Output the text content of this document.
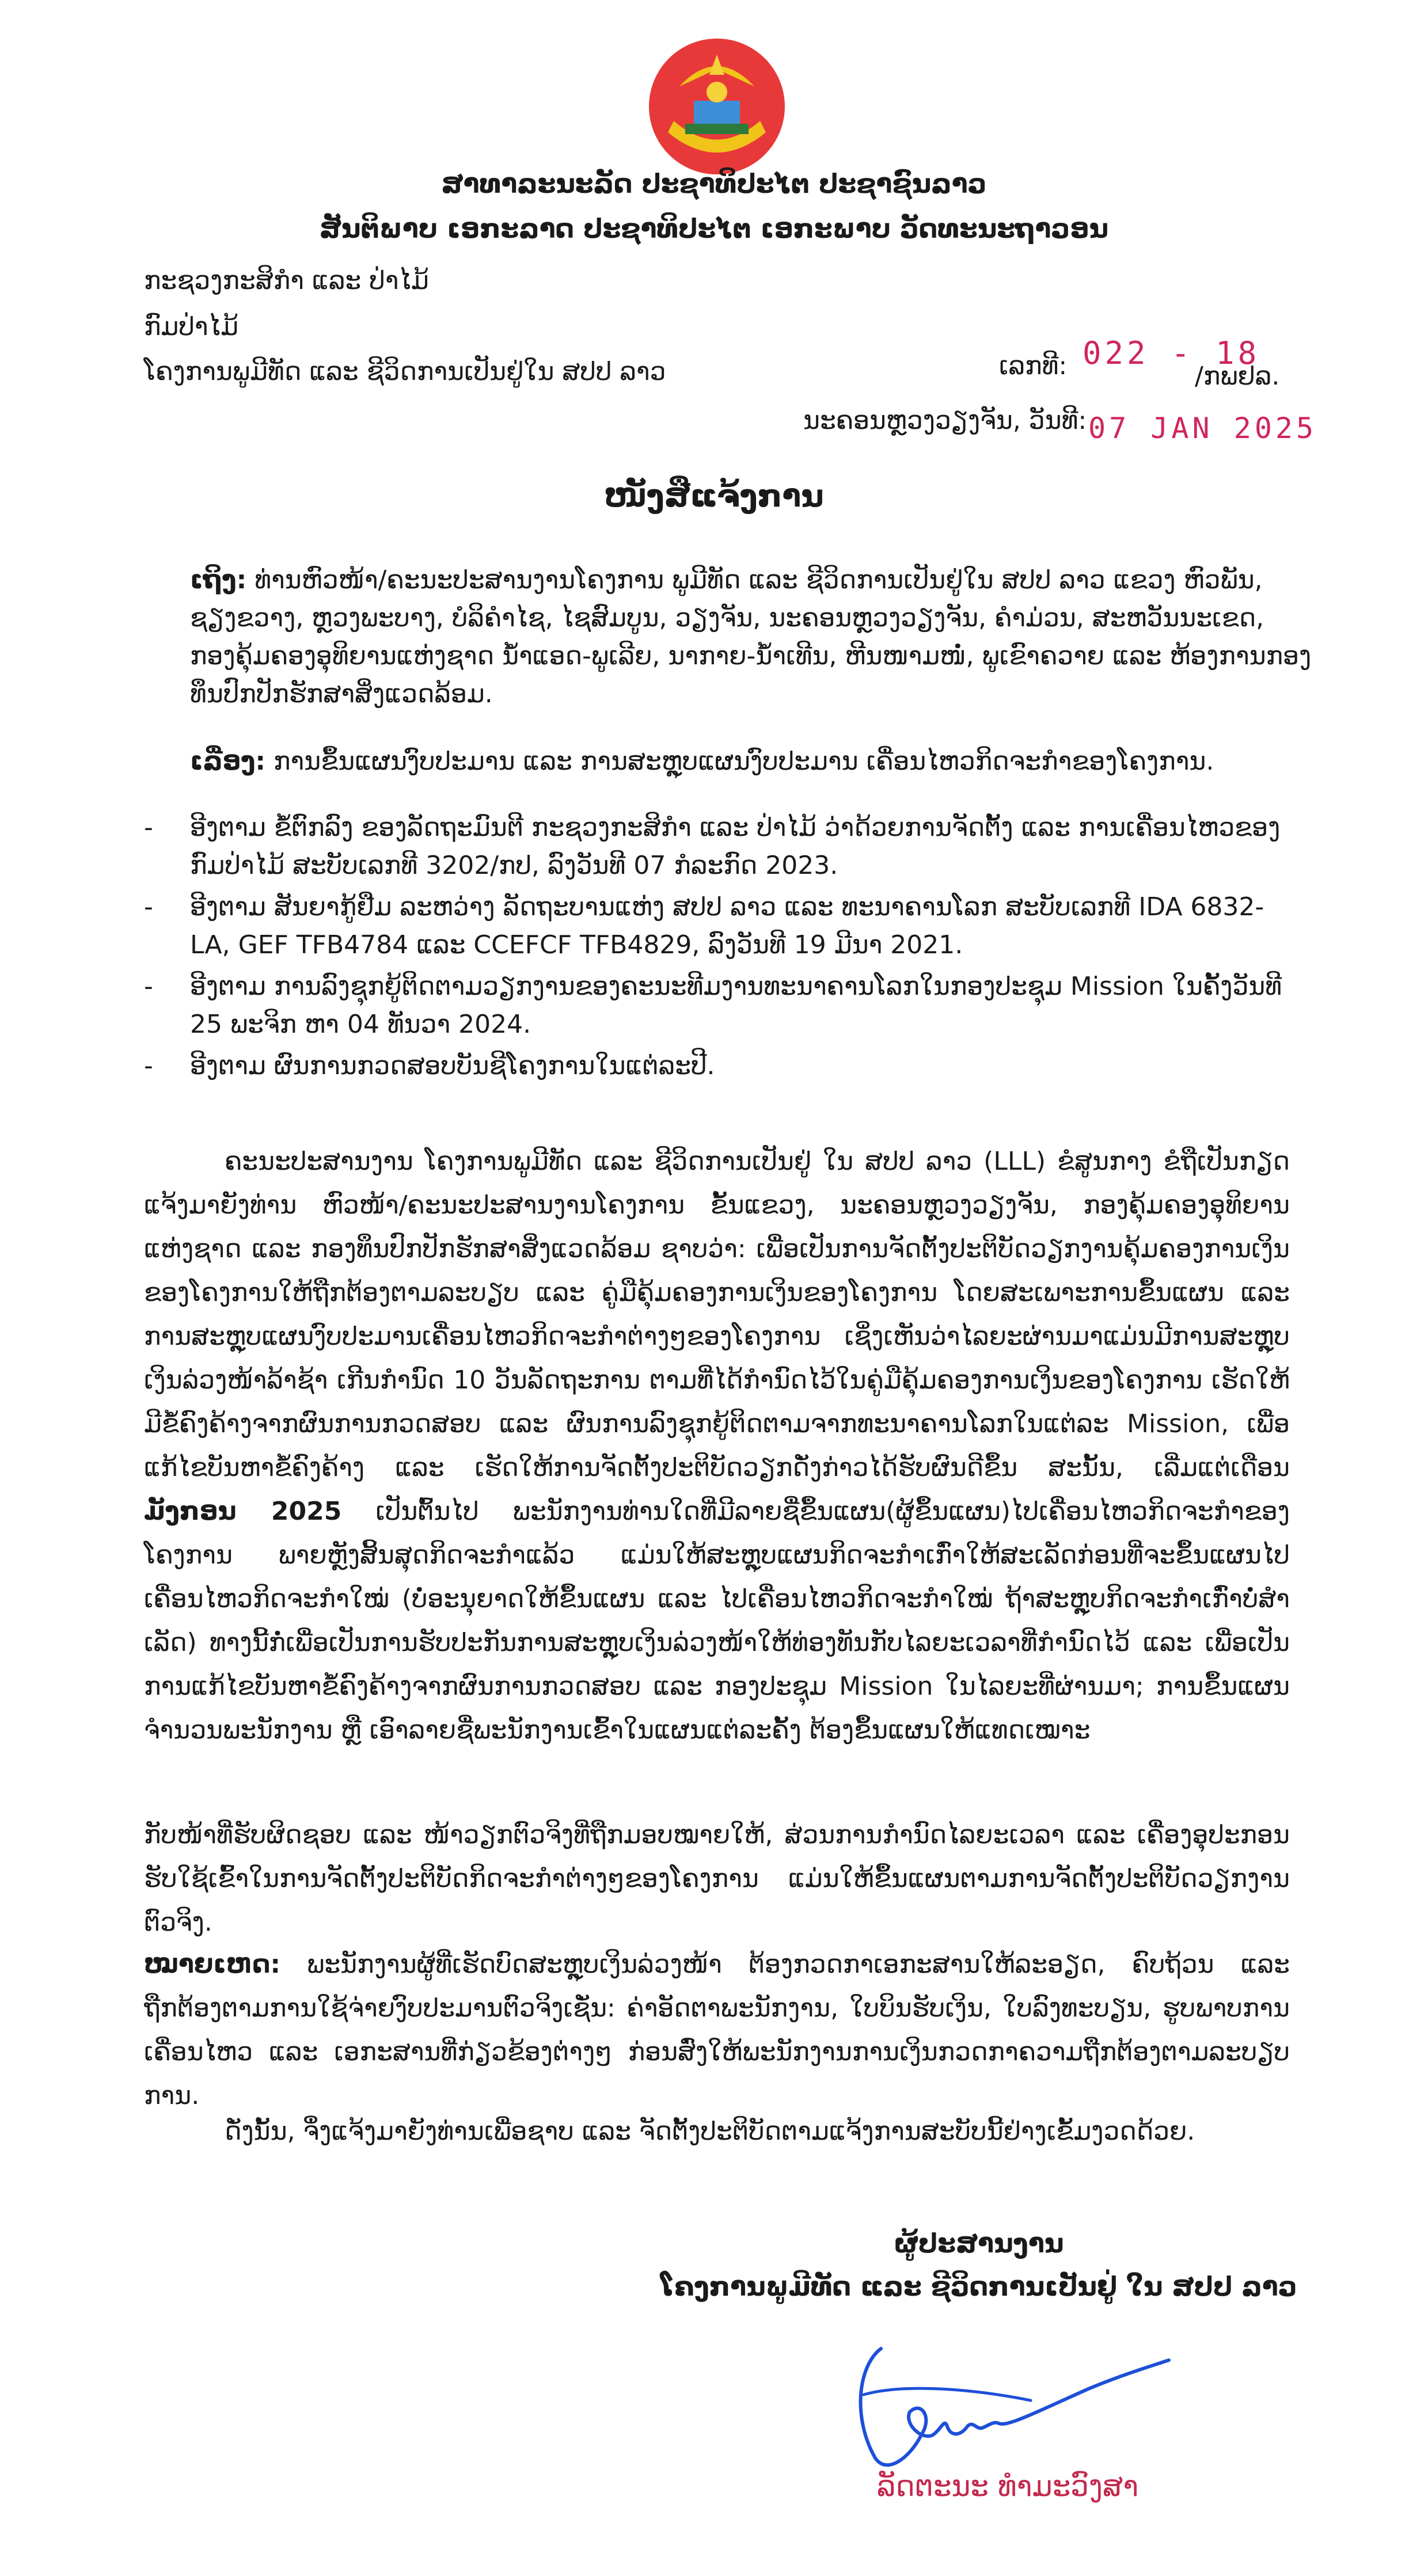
ສາທາລະນະລັດ ປະຊາທິປະໄຕ ປະຊາຊົນລາວ
ສັນຕິພາບ ເອກະລາດ ປະຊາທິປະໄຕ ເອກະພາບ ວັດທະນະຖາວອນ
ກະຊວງກະສິກໍາ ແລະ ປ່າໄມ້
ກົມປ່າໄມ້
ໂຄງການພູມີທັດ ແລະ ຊີວິດການເປັນຢູ່ໃນ ສປປ ລາວ	ເລກທີ: 022 - 18
/ກພຢລ.
ນະຄອນຫຼວງວຽງຈັນ, ວັນທີ: 07 JAN 2025
ໜັງສືແຈ້ງການ
ເຖິງ: ທ່ານຫົວໜ້າ/ຄະນະປະສານງານໂຄງການ ພູມີທັດ ແລະ ຊີວິດການເປັນຢູ່ໃນ ສປປ ລາວ ແຂວງ ຫົວພັນ, ຊຽງຂວາງ, ຫຼວງພະບາງ, ບໍລິຄໍາໄຊ, ໄຊສົມບູນ, ວຽງຈັນ, ນະຄອນຫຼວງວຽງຈັນ, ຄໍາມ່ວນ, ສະຫວັນນະເຂດ, ກອງຄຸ້ມຄອງອຸທິຍານແຫ່ງຊາດ ນໍ້າແອດ-ພູເລີຍ, ນາກາຍ-ນໍ້າເທີນ, ຫີນໜາມໜໍ່, ພູເຂົາຄວາຍ ແລະ ຫ້ອງການກອງທຶນປົກປັກຮັກສາສິ່ງແວດລ້ອມ.
ເລື່ອງ: ການຂຶ້ນແຜນງົບປະມານ ແລະ ການສະຫຼຸບແຜນງົບປະມານ ເຄື່ອນໄຫວກິດຈະກໍາຂອງໂຄງການ.
- ອີງຕາມ ຂໍ້ຕົກລົງ ຂອງລັດຖະມົນຕີ ກະຊວງກະສິກໍາ ແລະ ປ່າໄມ້ ວ່າດ້ວຍການຈັດຕັ້ງ ແລະ ການເຄື່ອນໄຫວຂອງກົມປ່າໄມ້ ສະບັບເລກທີ 3202/ກປ, ລົງວັນທີ 07 ກໍລະກົດ 2023.
- ອີງຕາມ ສັນຍາກູ້ຢືມ ລະຫວ່າງ ລັດຖະບານແຫ່ງ ສປປ ລາວ ແລະ ທະນາຄານໂລກ ສະບັບເລກທີ IDA 6832-LA, GEF TFB4784 ແລະ CCEFCF TFB4829, ລົງວັນທີ 19 ມີນາ 2021.
- ອີງຕາມ ການລົງຊຸກຍູ້ຕິດຕາມວຽກງານຂອງຄະນະທີມງານທະນາຄານໂລກໃນກອງປະຊຸມ Mission ໃນຄັ້ງວັນທີ 25 ພະຈິກ ຫາ 04 ທັນວາ 2024.
- ອີງຕາມ ຜົນການກວດສອບບັນຊີໂຄງການໃນແຕ່ລະປີ.

ຄະນະປະສານງານ ໂຄງການພູມີທັດ ແລະ ຊີວິດການເປັນຢູ່ ໃນ ສປປ ລາວ (LLL) ຂໍສູນກາງ ຂໍຖືເປັນກຽດແຈ້ງມາຍັງທ່ານ ຫົວໜ້າ/ຄະນະປະສານງານໂຄງການ ຂັ້ນແຂວງ, ນະຄອນຫຼວງວຽງຈັນ, ກອງຄຸ້ມຄອງອຸທິຍານແຫ່ງຊາດ ແລະ ກອງທຶນປົກປັກຮັກສາສິ່ງແວດລ້ອມ ຊາບວ່າ: ເພື່ອເປັນການຈັດຕັ້ງປະຕິບັດວຽກງານຄຸ້ມຄອງການເງິນຂອງໂຄງການໃຫ້ຖືກຕ້ອງຕາມລະບຽບ ແລະ ຄູ່ມືຄຸ້ມຄອງການເງິນຂອງໂຄງການ ໂດຍສະເພາະການຂຶ້ນແຜນ ແລະ ການສະຫຼຸບແຜນງົບປະມານເຄື່ອນໄຫວກິດຈະກໍາຕ່າງໆຂອງໂຄງການ ເຊິ່ງເຫັນວ່າໄລຍະຜ່ານມາແມ່ນມີການສະຫຼຸບເງິນລ່ວງໜ້າລ້າຊ້າ ເກີນກໍານົດ 10 ວັນລັດຖະການ ຕາມທີ່ໄດ້ກໍານົດໄວ້ໃນຄູ່ມືຄຸ້ມຄອງການເງິນຂອງໂຄງການ ເຮັດໃຫ້ມີຂໍ້ຄົງຄ້າງຈາກຜົນການກວດສອບ ແລະ ຜົນການລົງຊຸກຍູ້ຕິດຕາມຈາກທະນາຄານໂລກໃນແຕ່ລະ Mission, ເພື່ອແກ້ໄຂບັນຫາຂໍ້ຄົງຄ້າງ ແລະ ເຮັດໃຫ້ການຈັດຕັ້ງປະຕິບັດວຽກດັ່ງກ່າວໄດ້ຮັບຜົນດີຂຶ້ນ ສະນັ້ນ, ເລີ່ມແຕ່ເດືອນ ມັງກອນ 2025 ເປັນຕົ້ນໄປ ພະນັກງານທ່ານໃດທີ່ມີລາຍຊື່ຂຶ້ນແຜນ(ຜູ້ຂຶ້ນແຜນ)ໄປເຄື່ອນໄຫວກິດຈະກໍາຂອງໂຄງການ ພາຍຫຼັງສິ້ນສຸດກິດຈະກໍາແລ້ວ ແມ່ນໃຫ້ສະຫຼຸບແຜນກິດຈະກໍາເກົ່າໃຫ້ສະເລັດກ່ອນທີ່ຈະຂຶ້ນແຜນໄປເຄື່ອນໄຫວກິດຈະກໍາໃໝ່ (ບໍ່ອະນຸຍາດໃຫ້ຂຶ້ນແຜນ ແລະ ໄປເຄື່ອນໄຫວກິດຈະກໍາໃໝ່ ຖ້າສະຫຼຸບກິດຈະກໍາເກົ່າບໍ່ສໍາເລັດ) ທາງນີ້ກໍ່ເພື່ອເປັນການຮັບປະກັນການສະຫຼຸບເງິນລ່ວງໜ້າໃຫ້ທ່ອງທັນກັບໄລຍະເວລາທີ່ກໍານົດໄວ້ ແລະ ເພື່ອເປັນການແກ້ໄຂບັນຫາຂໍ້ຄົງຄ້າງຈາກຜົນການກວດສອບ ແລະ ກອງປະຊຸມ Mission ໃນໄລຍະທີ່ຜ່ານມາ; ການຂຶ້ນແຜນຈໍານວນພະນັກງານ ຫຼື ເອົາລາຍຊື່ພະນັກງານເຂົ້າໃນແຜນແຕ່ລະຄັ້ງ ຕ້ອງຂຶ້ນແຜນໃຫ້ແທດເໝາະ

ກັບໜ້າທີ່ຮັບຜິດຊອບ ແລະ ໜ້າວຽກຕົວຈິງທີ່ຖືກມອບໝາຍໃຫ້, ສ່ວນການກໍານົດໄລຍະເວລາ ແລະ ເຄື່ອງອຸປະກອນຮັບໃຊ້ເຂົ້າໃນການຈັດຕັ້ງປະຕິບັດກິດຈະກໍາຕ່າງໆຂອງໂຄງການ ແມ່ນໃຫ້ຂຶ້ນແຜນຕາມການຈັດຕັ້ງປະຕິບັດວຽກງານຕົວຈິງ.

ໝາຍເຫດ: ພະນັກງານຜູ້ທີ່ເຮັດບົດສະຫຼຸບເງິນລ່ວງໜ້າ ຕ້ອງກວດກາເອກະສານໃຫ້ລະອຽດ, ຄົບຖ້ວນ ແລະ ຖືກຕ້ອງຕາມການໃຊ້ຈ່າຍງົບປະມານຕົວຈິງເຊັ່ນ: ຄ່າອັດຕາພະນັກງານ, ໃບບິນຮັບເງິນ, ໃບລົງທະບຽນ, ຮູບພາບການເຄື່ອນໄຫວ ແລະ ເອກະສານທີ່ກ່ຽວຂ້ອງຕ່າງໆ ກ່ອນສົ່ງໃຫ້ພະນັກງານການເງິນກວດກາຄວາມຖືກຕ້ອງຕາມລະບຽບການ.

ດັ່ງນັ້ນ, ຈຶ່ງແຈ້ງມາຍັງທ່ານເພື່ອຊາບ ແລະ ຈັດຕັ້ງປະຕິບັດຕາມແຈ້ງການສະບັບນີ້ຢ່າງເຂັ້ມງວດດ້ວຍ.

ຜູ້ປະສານງານ
ໂຄງການພູມີທັດ ແລະ ຊີວິດການເປັນຢູ່ ໃນ ສປປ ລາວ
ລັດຕະນະ ທໍາມະວົງສາ
